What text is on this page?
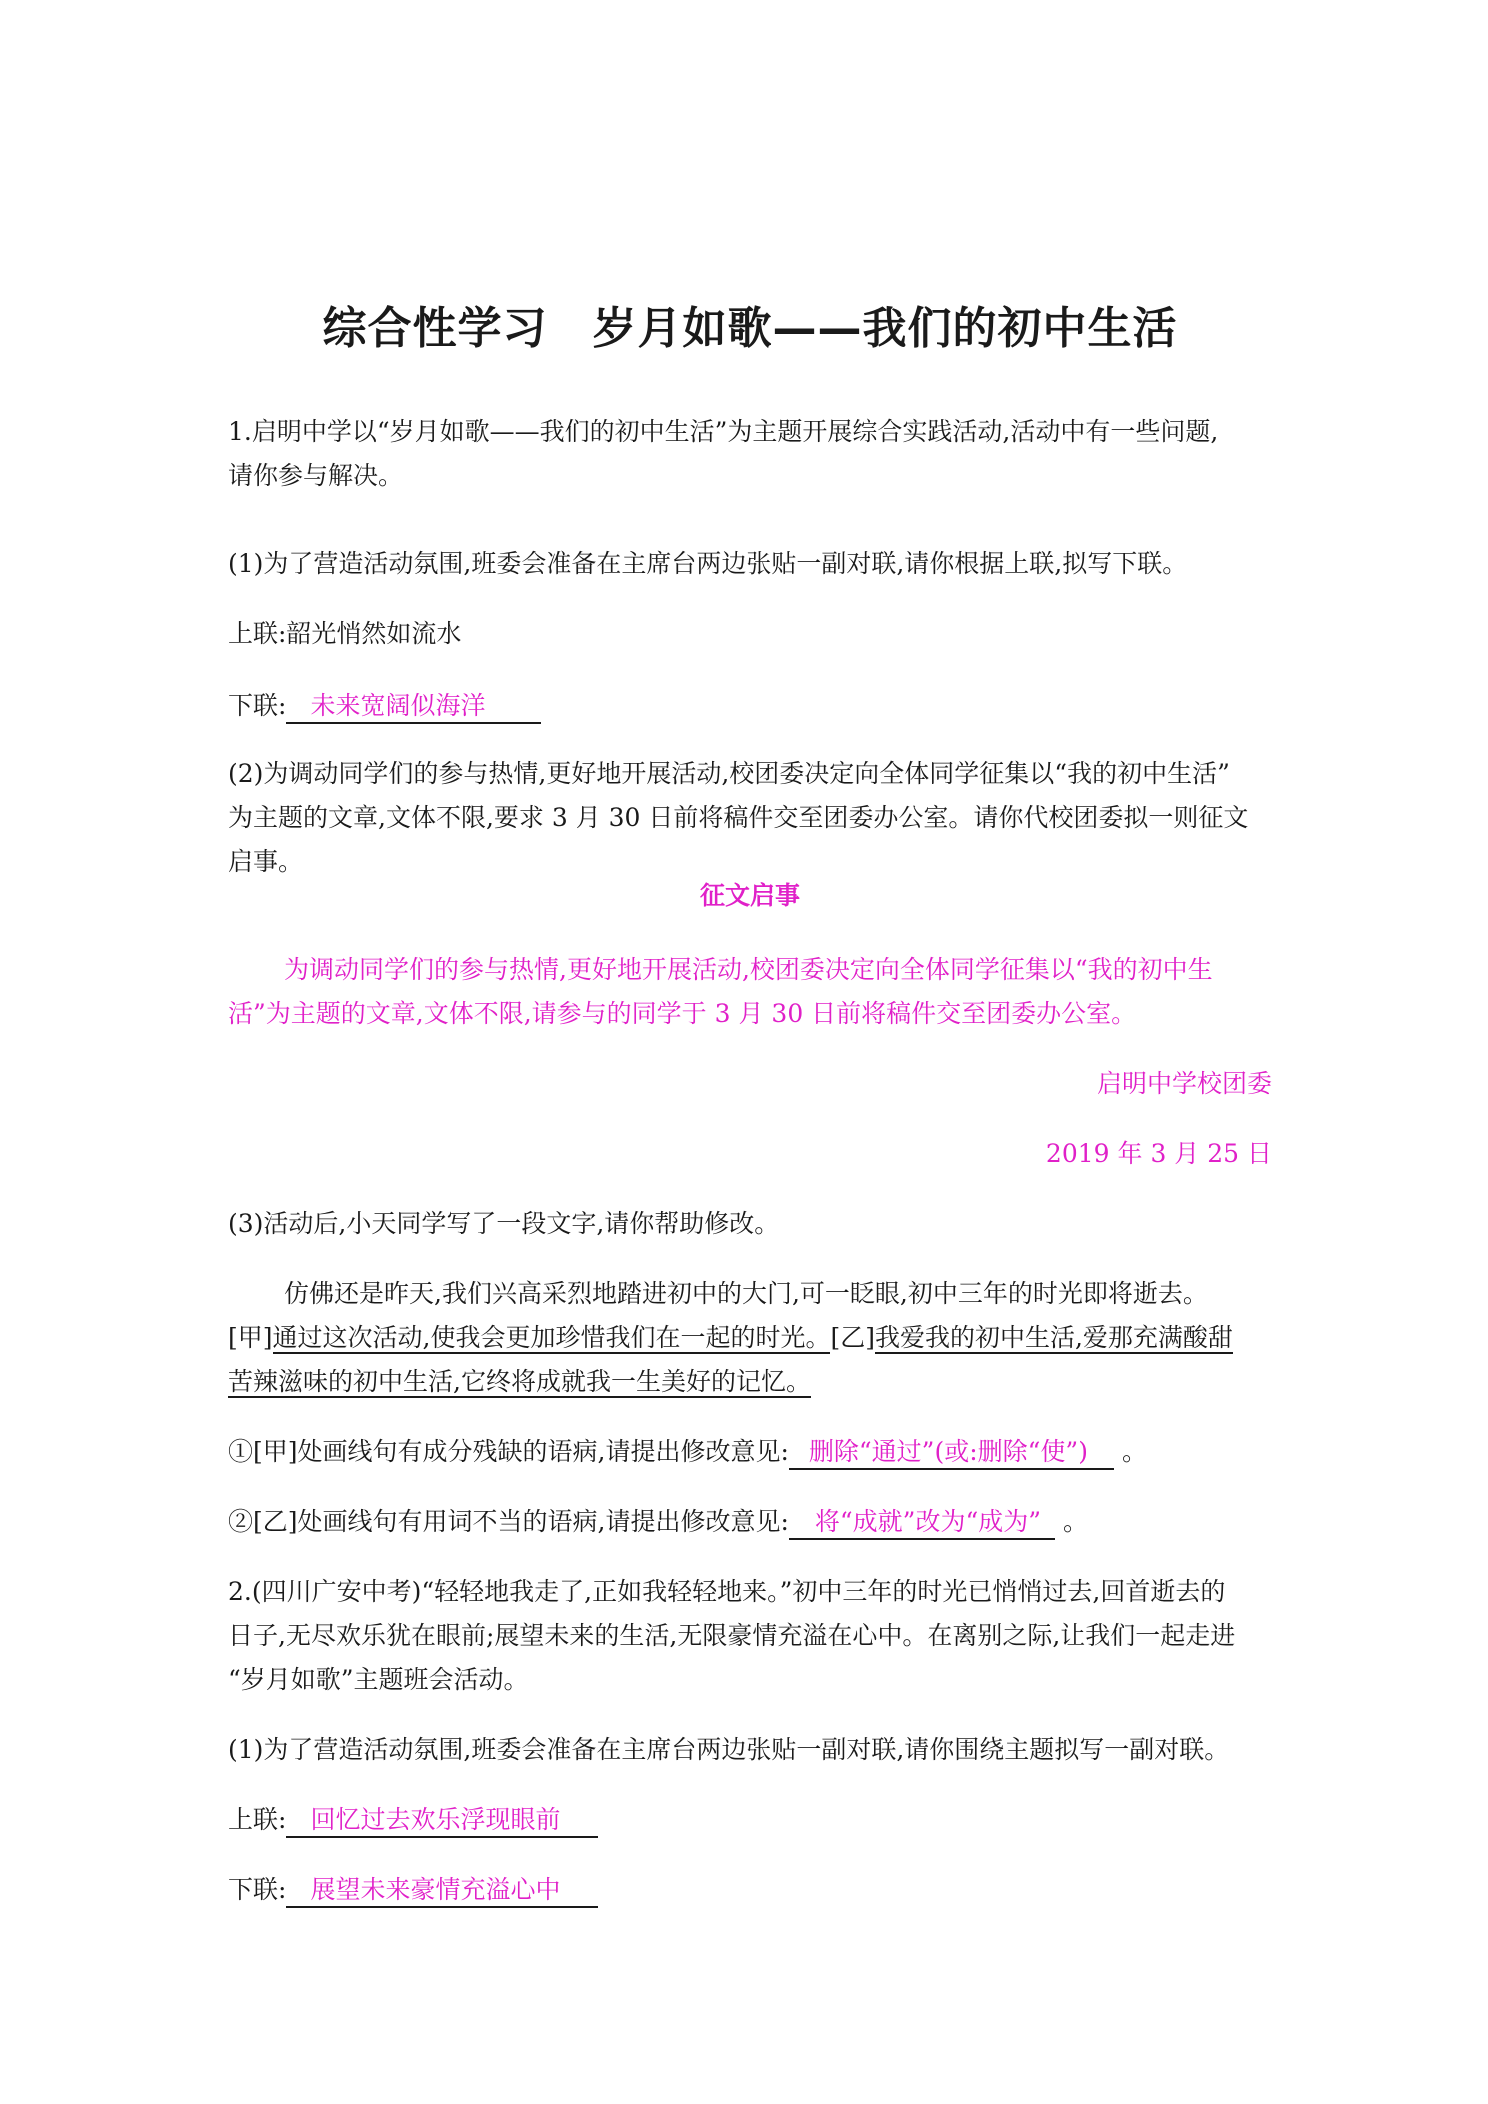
综合性学习　岁月如歌——我们的初中生活
1.启明中学以“岁月如歌——我们的初中生活”为主题开展综合实践活动,活动中有一些问题,
请你参与解决。
(1)为了营造活动氛围,班委会准备在主席台两边张贴一副对联,请你根据上联,拟写下联。
上联:韶光悄然如流水
下联: 未来宽阔似海洋
(2)为调动同学们的参与热情,更好地开展活动,校团委决定向全体同学征集以“我的初中生活”
为主题的文章,文体不限,要求 3 月 30 日前将稿件交至团委办公室。请你代校团委拟一则征文
启事。
征文启事
为调动同学们的参与热情,更好地开展活动,校团委决定向全体同学征集以“我的初中生
活”为主题的文章,文体不限,请参与的同学于 3 月 30 日前将稿件交至团委办公室。
启明中学校团委
2019 年 3 月 25 日
(3)活动后,小天同学写了一段文字,请你帮助修改。
仿佛还是昨天,我们兴高采烈地踏进初中的大门,可一眨眼,初中三年的时光即将逝去。
[甲]通过这次活动,使我会更加珍惜我们在一起的时光。[乙]我爱我的初中生活,爱那充满酸甜
苦辣滋味的初中生活,它终将成就我一生美好的记忆。
①[甲]处画线句有成分残缺的语病,请提出修改意见: 删除“通过”(或:删除“使”) 。
②[乙]处画线句有用词不当的语病,请提出修改意见: 将“成就”改为“成为” 。
2.(四川广安中考)“轻轻地我走了,正如我轻轻地来。”初中三年的时光已悄悄过去,回首逝去的
日子,无尽欢乐犹在眼前;展望未来的生活,无限豪情充溢在心中。在离别之际,让我们一起走进
“岁月如歌”主题班会活动。
(1)为了营造活动氛围,班委会准备在主席台两边张贴一副对联,请你围绕主题拟写一副对联。
上联: 回忆过去欢乐浮现眼前
下联: 展望未来豪情充溢心中
